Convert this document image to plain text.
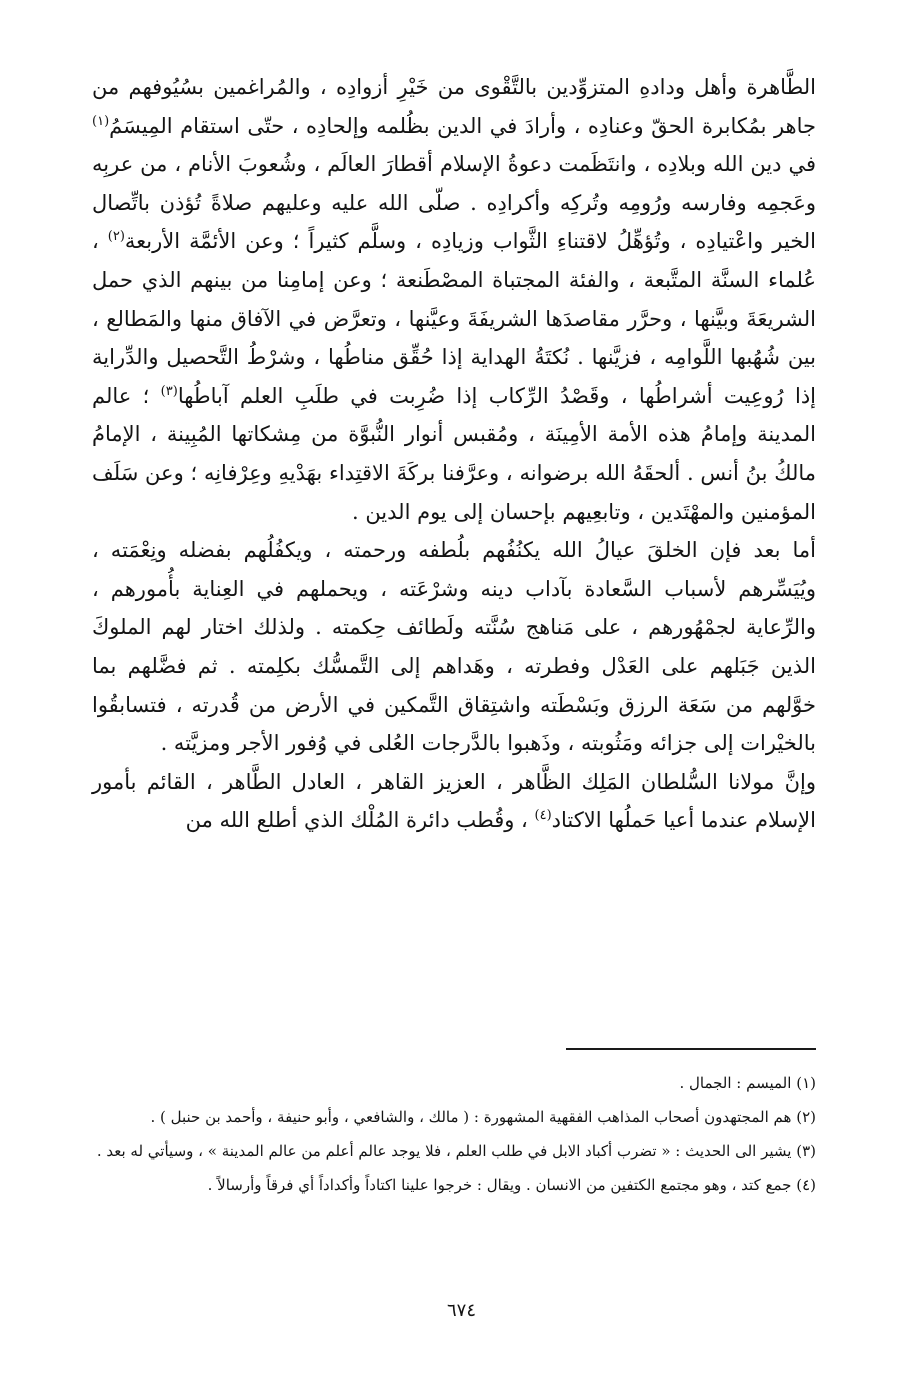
الطَّاهرة وأهل ودادهِ المتزوِّدين بالتَّقْوى من خَيْرِ أزوادِه ، والمُراغمين بسُيُوفهم من جاهر بمُكابرة الحقّ وعنادِه ، وأرادَ في الدين بظُلمه وإلحادِه ، حتّى استقام المِيسَمُ$^{(١)}$ في دين الله وبلادِه ، وانتَظَمت دعوةُ الإسلام أقطارَ العالَم ، وشُعوبَ الأنام ، من عربِه وعَجمِه وفارسه ورُومِه وتُركِه وأكرادِه . صلّى الله عليه وعليهم صلاةً تُؤذن باتِّصال الخير واعْتيادِه ، وتُؤهِّلُ لاقتناءِ الثَّواب وزيادِه ، وسلَّم كثيراً ؛ وعن الأئمَّة الأربعة$^{(٢)}$ ، عُلماء السنَّة المتَّبعة ، والفئة المجتباة المصْطَنعة ؛ وعن إمامِنا من بينهم الذي حمل الشريعَةَ وبيَّنها ، وحرَّر مقاصدَها الشريفَةَ وعيَّنها ، وتعرَّض في الآفاق منها والمَطالع ، بين شُهُبها اللَّوامِه ، فزيَّنها . نُكتَةُ الهداية إذا حُقِّق مناطُها ، وشرْطُ التَّحصيل والدِّراية إذا رُوعِيت أشراطُها ، وقَصْدُ الرِّكاب إذا ضُرِبت في طلَبِ العلم آباطُها$^{(٣)}$ ؛ عالم المدينة وإمامُ هذه الأمة الأمِينَة ، ومُقبس أنوار النُّبوَّة من مِشكاتها المُبِينة ، الإمامُ مالكُ بنُ أنس . ألحقَهُ الله برضوانه ، وعرَّفنا بركَةَ الاقتِداء بهَدْيهِ وعِرْفانِه ؛ وعن سَلَف المؤمنين والمهْتَدين ، وتابعِيهم بإحسان إلى يوم الدين .

أما بعد فإن الخلقَ عيالُ الله يكنُفُهم بلُطفه ورحمته ، ويكفُلُهم بفضله ونِعْمَته ، ويُيَسِّرهم لأسباب السَّعادة بآداب دينه وشرْعَته ، ويحملهم في العِناية بأُمورهم ، والرِّعاية لجمْهُورهم ، على مَناهج سُنَّته ولَطائف حِكمته . ولذلك اختار لهم الملوكَ الذين جَبَلهم على العَدْل وفطرته ، وهَداهم إلى التَّمسُّك بكلِمته . ثم فضَّلهم بما خوَّلهم من سَعَة الرزق وبَسْطَته واشتِقاق التَّمكين في الأرض من قُدرته ، فتسابقُوا بالخيْرات إلى جزائه ومَثُوبته ، وذَهبوا بالدَّرجات العُلى في وُفور الأجر ومزيَّته .

وإنَّ مولانا السُّلطان المَلِك الظَّاهر ، العزيز القاهر ، العادل الطَّاهر ، القائم بأمور الإسلام عندما أعيا حَملُها الاكتاد$^{(٤)}$ ، وقُطب دائرة المُلْك الذي أطلع الله من

(١) الميسم : الجمال .

(٢) هم المجتهدون أصحاب المذاهب الفقهية المشهورة : ( مالك ، والشافعي ، وأبو حنيفة ، وأحمد بن حنبل ) .

(٣) يشير الى الحديث : « تضرب أكباد الابل في طلب العلم ، فلا يوجد عالم أعلم من عالم المدينة » ، وسيأتي له بعد .

(٤) جمع كتد ، وهو مجتمع الكتفين من الانسان . ويقال : خرجوا علينا اكتاداً وأكداداً أي فرقاً وأرسالاً .

٦٧٤
